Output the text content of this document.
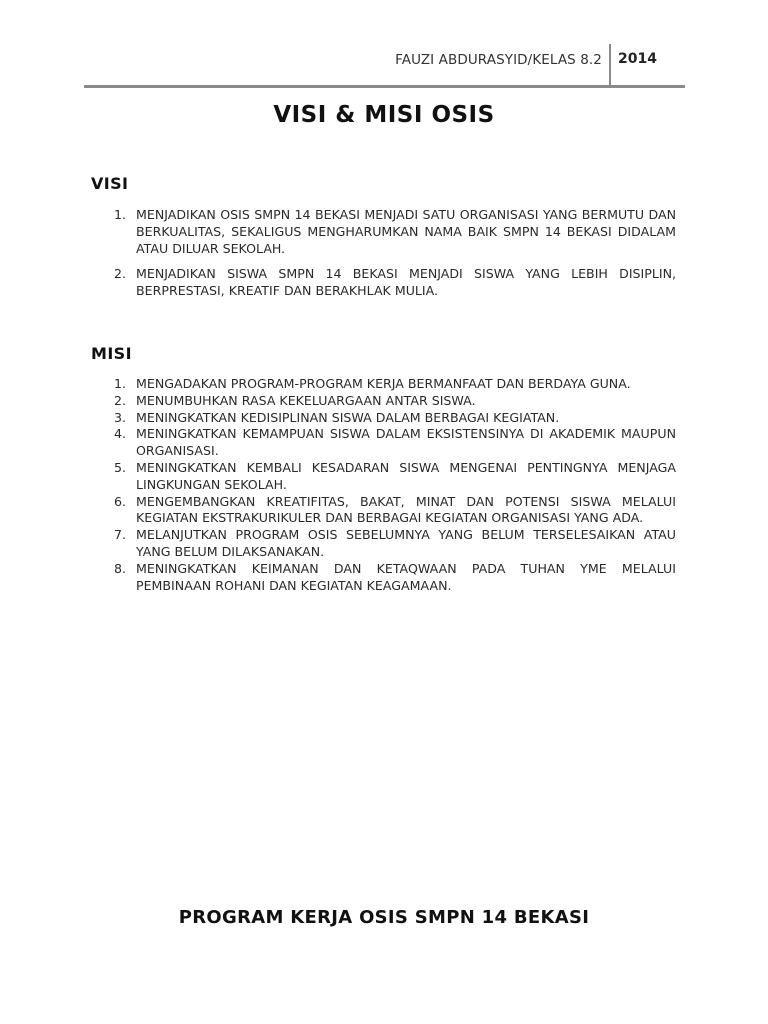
FAUZI ABDURASYID/KELAS 8.2 2014
VISI & MISI OSIS
VISI
1. MENJADIKAN OSIS SMPN 14 BEKASI MENJADI SATU ORGANISASI YANG BERMUTU DAN BERKUALITAS, SEKALIGUS MENGHARUMKAN NAMA BAIK SMPN 14 BEKASI DIDALAM ATAU DILUAR SEKOLAH.
2. MENJADIKAN SISWA SMPN 14 BEKASI MENJADI SISWA YANG LEBIH DISIPLIN, BERPRESTASI, KREATIF DAN BERAKHLAK MULIA.
MISI
1. MENGADAKAN PROGRAM-PROGRAM KERJA BERMANFAAT DAN BERDAYA GUNA.
2. MENUMBUHKAN RASA KEKELUARGAAN ANTAR SISWA.
3. MENINGKATKAN KEDISIPLINAN SISWA DALAM BERBAGAI KEGIATAN.
4. MENINGKATKAN KEMAMPUAN SISWA DALAM EKSISTENSINYA DI AKADEMIK MAUPUN ORGANISASI.
5. MENINGKATKAN KEMBALI KESADARAN SISWA MENGENAI PENTINGNYA MENJAGA LINGKUNGAN SEKOLAH.
6. MENGEMBANGKAN KREATIFITAS, BAKAT, MINAT DAN POTENSI SISWA MELALUI KEGIATAN EKSTRAKURIKULER DAN BERBAGAI KEGIATAN ORGANISASI YANG ADA.
7. MELANJUTKAN PROGRAM OSIS SEBELUMNYA YANG BELUM TERSELESAIKAN ATAU YANG BELUM DILAKSANAKAN.
8. MENINGKATKAN KEIMANAN DAN KETAQWAAN PADA TUHAN YME MELALUI PEMBINAAN ROHANI DAN KEGIATAN KEAGAMAAN.
PROGRAM KERJA OSIS SMPN 14 BEKASI
